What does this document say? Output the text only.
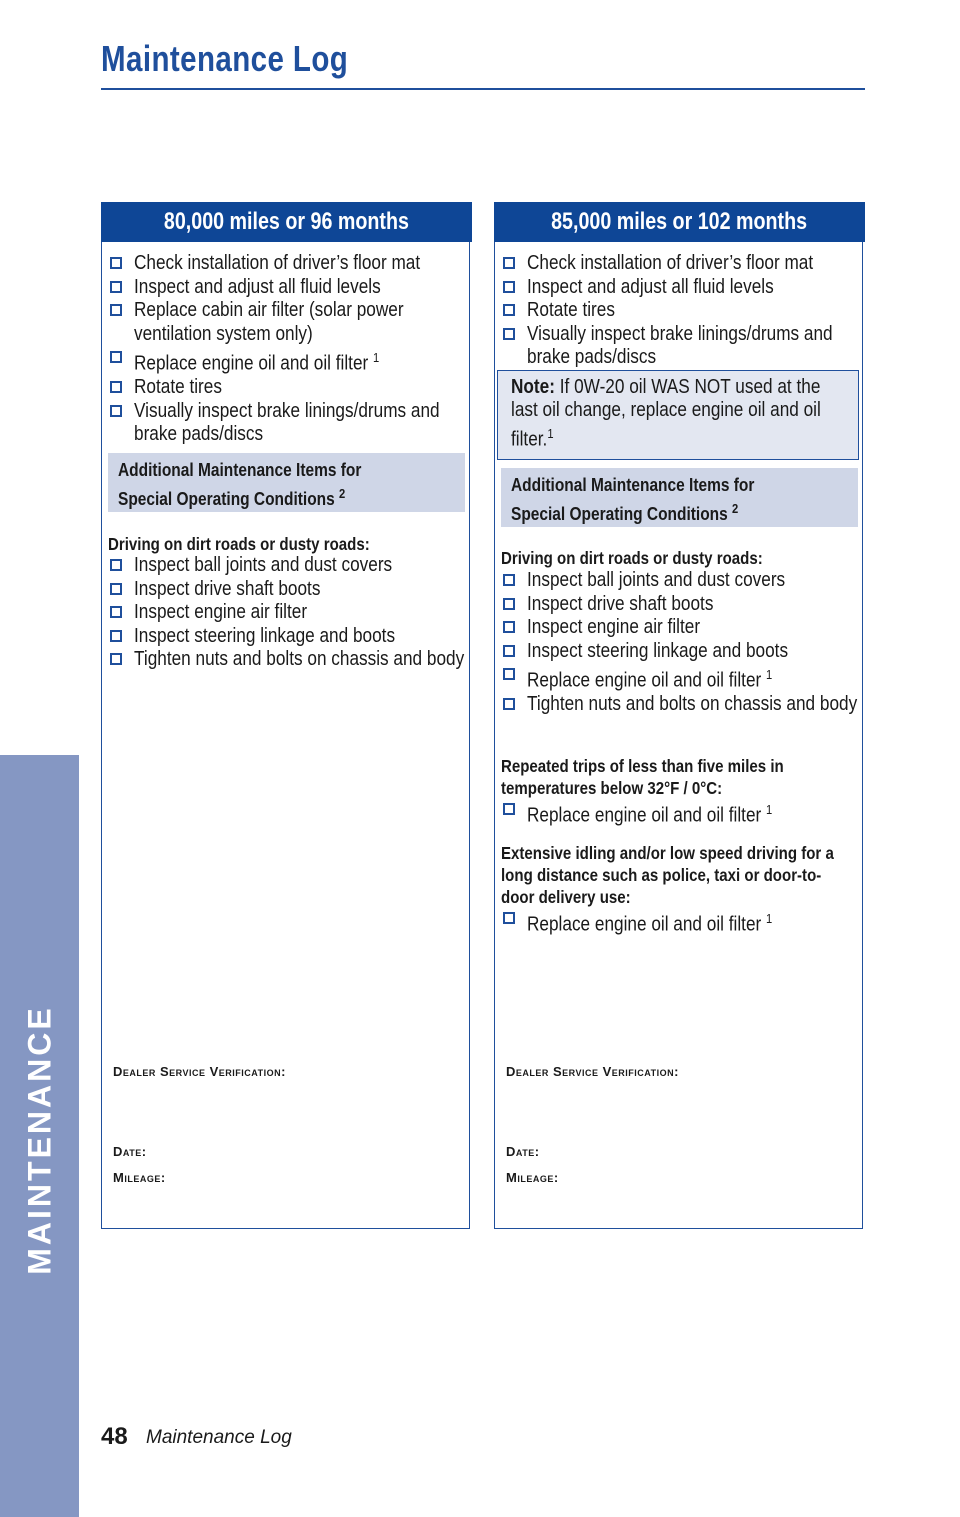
Maintenance Log
MAINTENANCE
80,000 miles or 96 months
Check installation of driver’s floor mat
Inspect and adjust all fluid levels
Replace cabin air filter (solar power ventilation system only)
Replace engine oil and oil filter $^1$
Rotate tires
Visually inspect brake linings/drums and brake pads/discs
Additional Maintenance Items for
Special Operating Conditions $^2$
Driving on dirt roads or dusty roads:
Inspect ball joints and dust covers
Inspect drive shaft boots
Inspect engine air filter
Inspect steering linkage and boots
Tighten nuts and bolts on chassis and body
Dealer Service Verification:
Date:
Mileage:
85,000 miles or 102 months
Check installation of driver’s floor mat
Inspect and adjust all fluid levels
Rotate tires
Visually inspect brake linings/drums and brake pads/discs
Note: If 0W-20 oil WAS NOT used at the last oil change, replace engine oil and oil filter.$^1$
Additional Maintenance Items for
Special Operating Conditions $^2$
Driving on dirt roads or dusty roads:
Inspect ball joints and dust covers
Inspect drive shaft boots
Inspect engine air filter
Inspect steering linkage and boots
Replace engine oil and oil filter $^1$
Tighten nuts and bolts on chassis and body
Repeated trips of less than five miles in temperatures below 32°F / 0°C:
Replace engine oil and oil filter $^1$
Extensive idling and/or low speed driving for a long distance such as police, taxi or door-to-door delivery use:
Replace engine oil and oil filter $^1$
Dealer Service Verification:
Date:
Mileage:
48 Maintenance Log
